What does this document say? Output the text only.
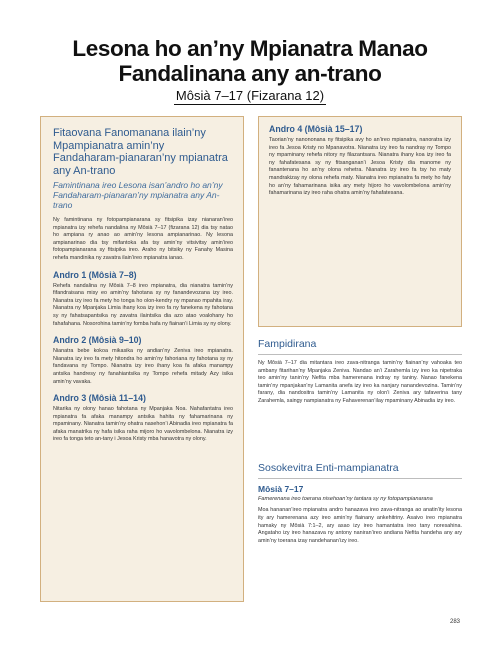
Lesona ho an’ny Mpianatra Manao
Fandalinana any an-trano
Môsià 7–17 (Fizarana 12)
Fitaovana Fanomanana ilain’ny Mpampianatra amin’ny Fandaharam-pianaran’ny mpianatra any An-trano
Famintinana ireo Lesona isan’andro ho an’ny Fandaharam-pianaran’ny mpianatra any An-trano

Ny famintinana ny fotopampianarana sy fitsipika izay nianaran’ireo mpianatra izy rehefa nandalina ny Môsià 7–17 (fizarana 12) dia tsy natao ho ampiana ry anao ao amin’ny lesona ampianarinao. Ny lesona ampianarinao dia tsy mifantoka afa tsy amin’ny vitsivitsy amin’ireo fotopampianarana sy fitsipika ireo. Araho ny bitsiky ny Fanahy Masina rehefa mandinika ny zavatra ilain’ireo mpianatra ianao.

Andro 1 (Môsià 7–8)

Rehefa nandalina ny Môsià 7–8 ireo mpianatra, dia nianatra tamin’ny fifandraisana misy eo amin’ny fahotana sy ny fanandevozana izy ireo. Nianatra izy ireo fa mety ho tonga ho olon-kendry ny mpanao mpahita iray. Nianatra ny Mpanjaka Limia ihany koa izy ireo fa ny fanekena ny fahotana sy ny fahatsapantsika ny zavatra ilaintsika dia azo atao voalohany ho fahafahana. Nosorohina tamin’ny fomba hafa ny fiainan’i Limia sy ny olony.

Andro 2 (Môsià 9–10)

Nianatra bebe kokoa mikasika ny andian’ny Zeniva ireo mpianatra. Nianatra izy ireo fa mety hitondra ho amin’ny fahoriana ny fahotana sy ny fandavana ny Tompo. Nianatra izy ireo ihany koa fa afaka manampy antsika handresy ny fanahiantsika ny Tompo rehefa mitady Azy isika amin’ny vavaka.

Andro 3 (Môsià 11–14)

Nitarika ny olony hanao fahotana ny Mpanjaka Noa. Nahafantatra ireo mpianatra fa afaka manampy antsika hahita ny fahamarinana ny mpaminany. Nianatra tamin’ny ohatra nasehon’i Abinadia ireo mpianatra fa afaka manatrika ny hafa isika raha mijoro ho vavolombelona. Nianatra izy ireo fa tonga teto an-tany i Jesoa Kristy mba hanavotra ny olony.

Andro 4 (Môsià 15–17)

Taorian’ny nanononana ny fitsipika avy ho an’ireo mpianatra, nanoratra izy ireo fa Jesoa Kristy no Mpanavotra. Nianatra izy ireo fa nandray ny Tompo ny mpaminany rehefa nitory ny filazantsara. Nianatra ihany koa izy ireo fa ny fahafatesana sy ny fitsanganan’i Jesoa Kristy dia manome ny fanantenana ho an’ny olona rehetra. Nianatra izy ireo fa tsy ho maty mandrakizay ny olona rehefa maty. Nianatra ireo mpianatra fa mety ho faty ho an’ny fahamarinana isika ary mety hijoro ho vavolombelona amin’ny fahamarinana izy ireo raha ohatra amin’ny fahafatesana.

Fampidirana

Ny Môsià 7–17 dia mitantara ireo zava-nitranga tamin’ny fiainan’ny vahoaka teo ambany fitarihan’ny Mpanjaka Zeniva. Nandao an’i Zarahemla izy ireo ka nipetraka teo amin’ny tanin’ny Nefita mba hamerenana indray ny taniny. Nanao fanekena tamin’ny mpanjakan’ny Lamanita anefa izy ireo ka nanjary nanandevozina. Tamin’ny farany, dia nandositra tamin’ny Lamanita ny olon’i Zeniva ary tafaverina tany Zarahemla, saingy nampianatra ny Fahaverenan’ilay mpaminany Abinadia izy ireo.

Sosokevitra Enti-mampianatra
Môsià 7–17
Famerenana ireo toerana nisehoan’ny tantara sy ny fotopampianarana

Moa hananan’ireo mpianatra andro hanazava ireo zava-nitranga ao anatin’ity lesona ity ary hamerenana azy ireo amin’ny fiainany ankehitriny. Asaivo ireo mpianatra hamaky ny Môsià 7:1–2, ary asao izy ireo hamantatra ireo tany noresahina. Angataho izy ireo hanazava ny antony naniran’ireo andiana Nefita handeha any ary amin’ny toerana izay nandehanan’izy ireo.

283
